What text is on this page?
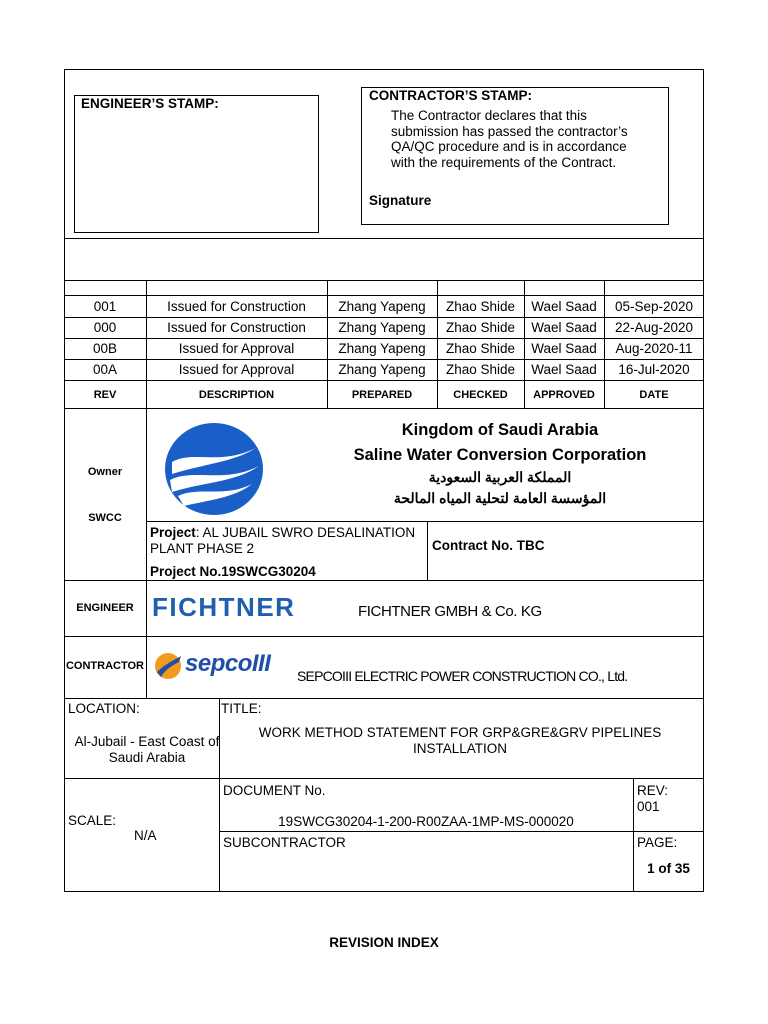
ENGINEER’S STAMP:
CONTRACTOR’S STAMP:
The Contractor declares that this submission has passed the contractor’s QA/QC procedure and is in accordance with the requirements of the Contract.
Signature
001	Issued for Construction	Zhang Yapeng	Zhao Shide	Wael Saad	05-Sep-2020
000	Issued for Construction	Zhang Yapeng	Zhao Shide	Wael Saad	22-Aug-2020
00B	Issued for Approval	Zhang Yapeng	Zhao Shide	Wael Saad	Aug-2020-11
00A	Issued for Approval	Zhang Yapeng	Zhao Shide	Wael Saad	16-Jul-2020
REV	DESCRIPTION	PREPARED	CHECKED	APPROVED	DATE
Owner
SWCC
Kingdom of Saudi Arabia
Saline Water Conversion Corporation
المملكة العربية السعودية
المؤسسة العامة لتحلية المياه المالحة
Project: AL JUBAIL SWRO DESALINATION PLANT PHASE 2
Project No.19SWCG30204
Contract No. TBC
ENGINEER FICHTNER	FICHTNER GMBH & Co. KG
CONTRACTOR sepcoIII SEPCOIII ELECTRIC POWER CONSTRUCTION CO., Ltd.
LOCATION:
Al-Jubail - East Coast of Saudi Arabia
TITLE:
WORK METHOD STATEMENT FOR GRP&GRE&GRV PIPELINES INSTALLATION
SCALE:
N/A
DOCUMENT No.
19SWCG30204-1-200-R00ZAA-1MP-MS-000020
REV:
001
SUBCONTRACTOR	PAGE:
1 of 35
REVISION INDEX
